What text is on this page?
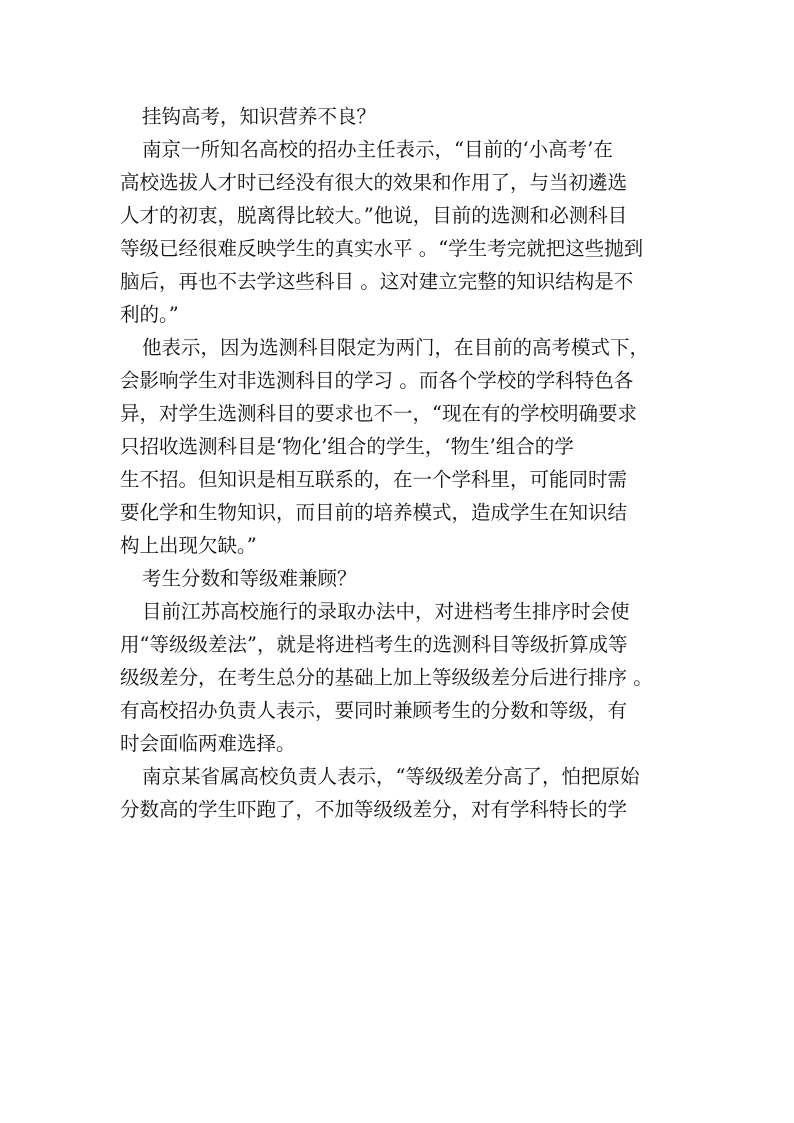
挂钩高考，知识营养不良？

南京一所知名高校的招办主任表示，“目前的‘小高考’在
高校选拔人才时已经没有很大的效果和作用了，与当初遴选
人才的初衷，脱离得比较大。”他说，目前的选测和必测科目
等级已经很难反映学生的真实水平 。“学生考完就把这些抛到
脑后，再也不去学这些科目 。这对建立完整的知识结构是不
利的。”

他表示，因为选测科目限定为两门，在目前的高考模式下，
会影响学生对非选测科目的学习 。而各个学校的学科特色各
异，对学生选测科目的要求也不一，“现在有的学校明确要求
只招收选测科目是‘物化’组合的学生，‘物生’组合的学
生不招。但知识是相互联系的，在一个学科里，可能同时需
要化学和生物知识，而目前的培养模式，造成学生在知识结
构上出现欠缺。”

考生分数和等级难兼顾？

目前江苏高校施行的录取办法中，对进档考生排序时会使
用“等级级差法”，就是将进档考生的选测科目等级折算成等
级级差分，在考生总分的基础上加上等级级差分后进行排序 。
有高校招办负责人表示，要同时兼顾考生的分数和等级，有
时会面临两难选择。

南京某省属高校负责人表示，“等级级差分高了，怕把原始
分数高的学生吓跑了，不加等级级差分，对有学科特长的学
